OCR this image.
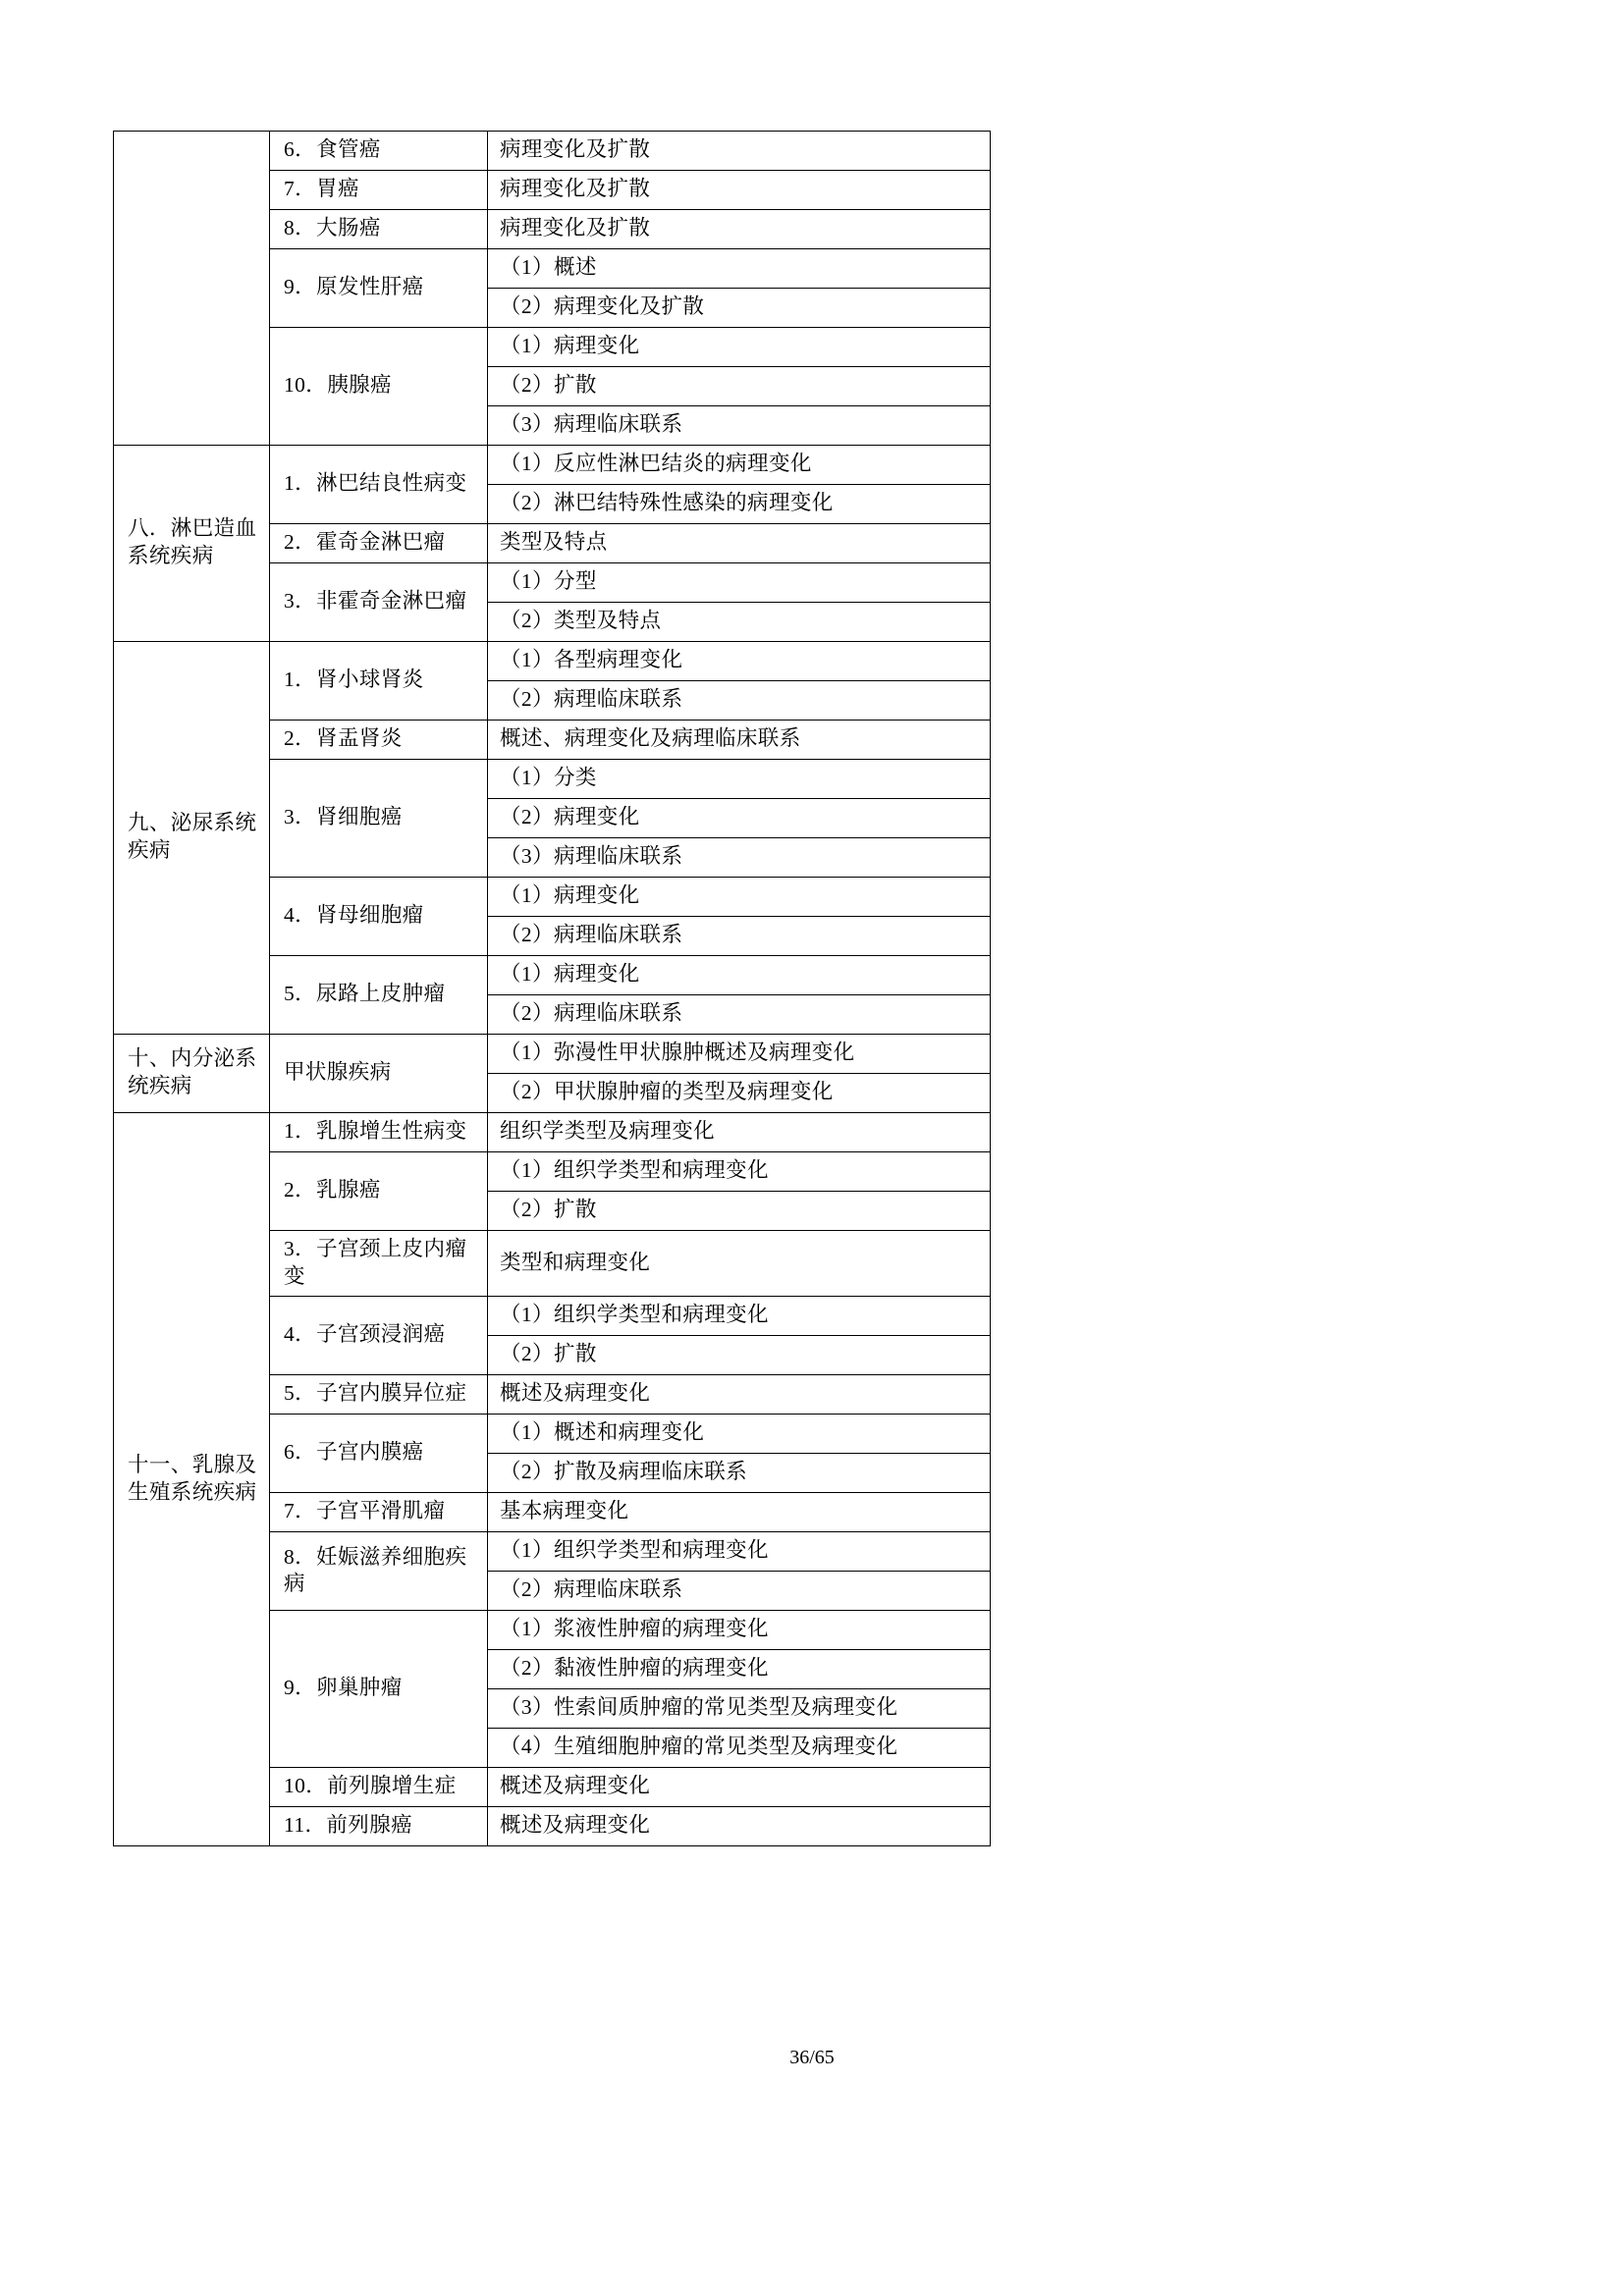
	6．食管癌	病理变化及扩散

	7．胃癌	病理变化及扩散

	8．大肠癌	病理变化及扩散

	9．原发性肝癌	（1）概述

		（2）病理变化及扩散

	10．胰腺癌	（1）病理变化

		（2）扩散

		（3）病理临床联系

八．淋巴造血系统疾病	1．淋巴结良性病变	（1）反应性淋巴结炎的病理变化

		（2）淋巴结特殊性感染的病理变化

	2．霍奇金淋巴瘤	类型及特点

	3．非霍奇金淋巴瘤	（1）分型

		（2）类型及特点

九、泌尿系统疾病	1．肾小球肾炎	（1）各型病理变化

		（2）病理临床联系

	2．肾盂肾炎	概述、病理变化及病理临床联系

	3．肾细胞癌	（1）分类

		（2）病理变化

		（3）病理临床联系

	4．肾母细胞瘤	（1）病理变化

		（2）病理临床联系

	5．尿路上皮肿瘤	（1）病理变化

		（2）病理临床联系

十、内分泌系统疾病	甲状腺疾病	（1）弥漫性甲状腺肿概述及病理变化

		（2）甲状腺肿瘤的类型及病理变化

十一、乳腺及生殖系统疾病	1．乳腺增生性病变	组织学类型及病理变化

	2．乳腺癌	（1）组织学类型和病理变化

		（2）扩散

	3．子宫颈上皮内瘤变	类型和病理变化

	4．子宫颈浸润癌	（1）组织学类型和病理变化

		（2）扩散

	5．子宫内膜异位症	概述及病理变化

	6．子宫内膜癌	（1）概述和病理变化

		（2）扩散及病理临床联系

	7．子宫平滑肌瘤	基本病理变化

	8．妊娠滋养细胞疾病	（1）组织学类型和病理变化

		（2）病理临床联系

	9．卵巢肿瘤	（1）浆液性肿瘤的病理变化

		（2）黏液性肿瘤的病理变化

		（3）性索间质肿瘤的常见类型及病理变化

		（4）生殖细胞肿瘤的常见类型及病理变化

	10．前列腺增生症	概述及病理变化

	11．前列腺癌	概述及病理变化
36/65
